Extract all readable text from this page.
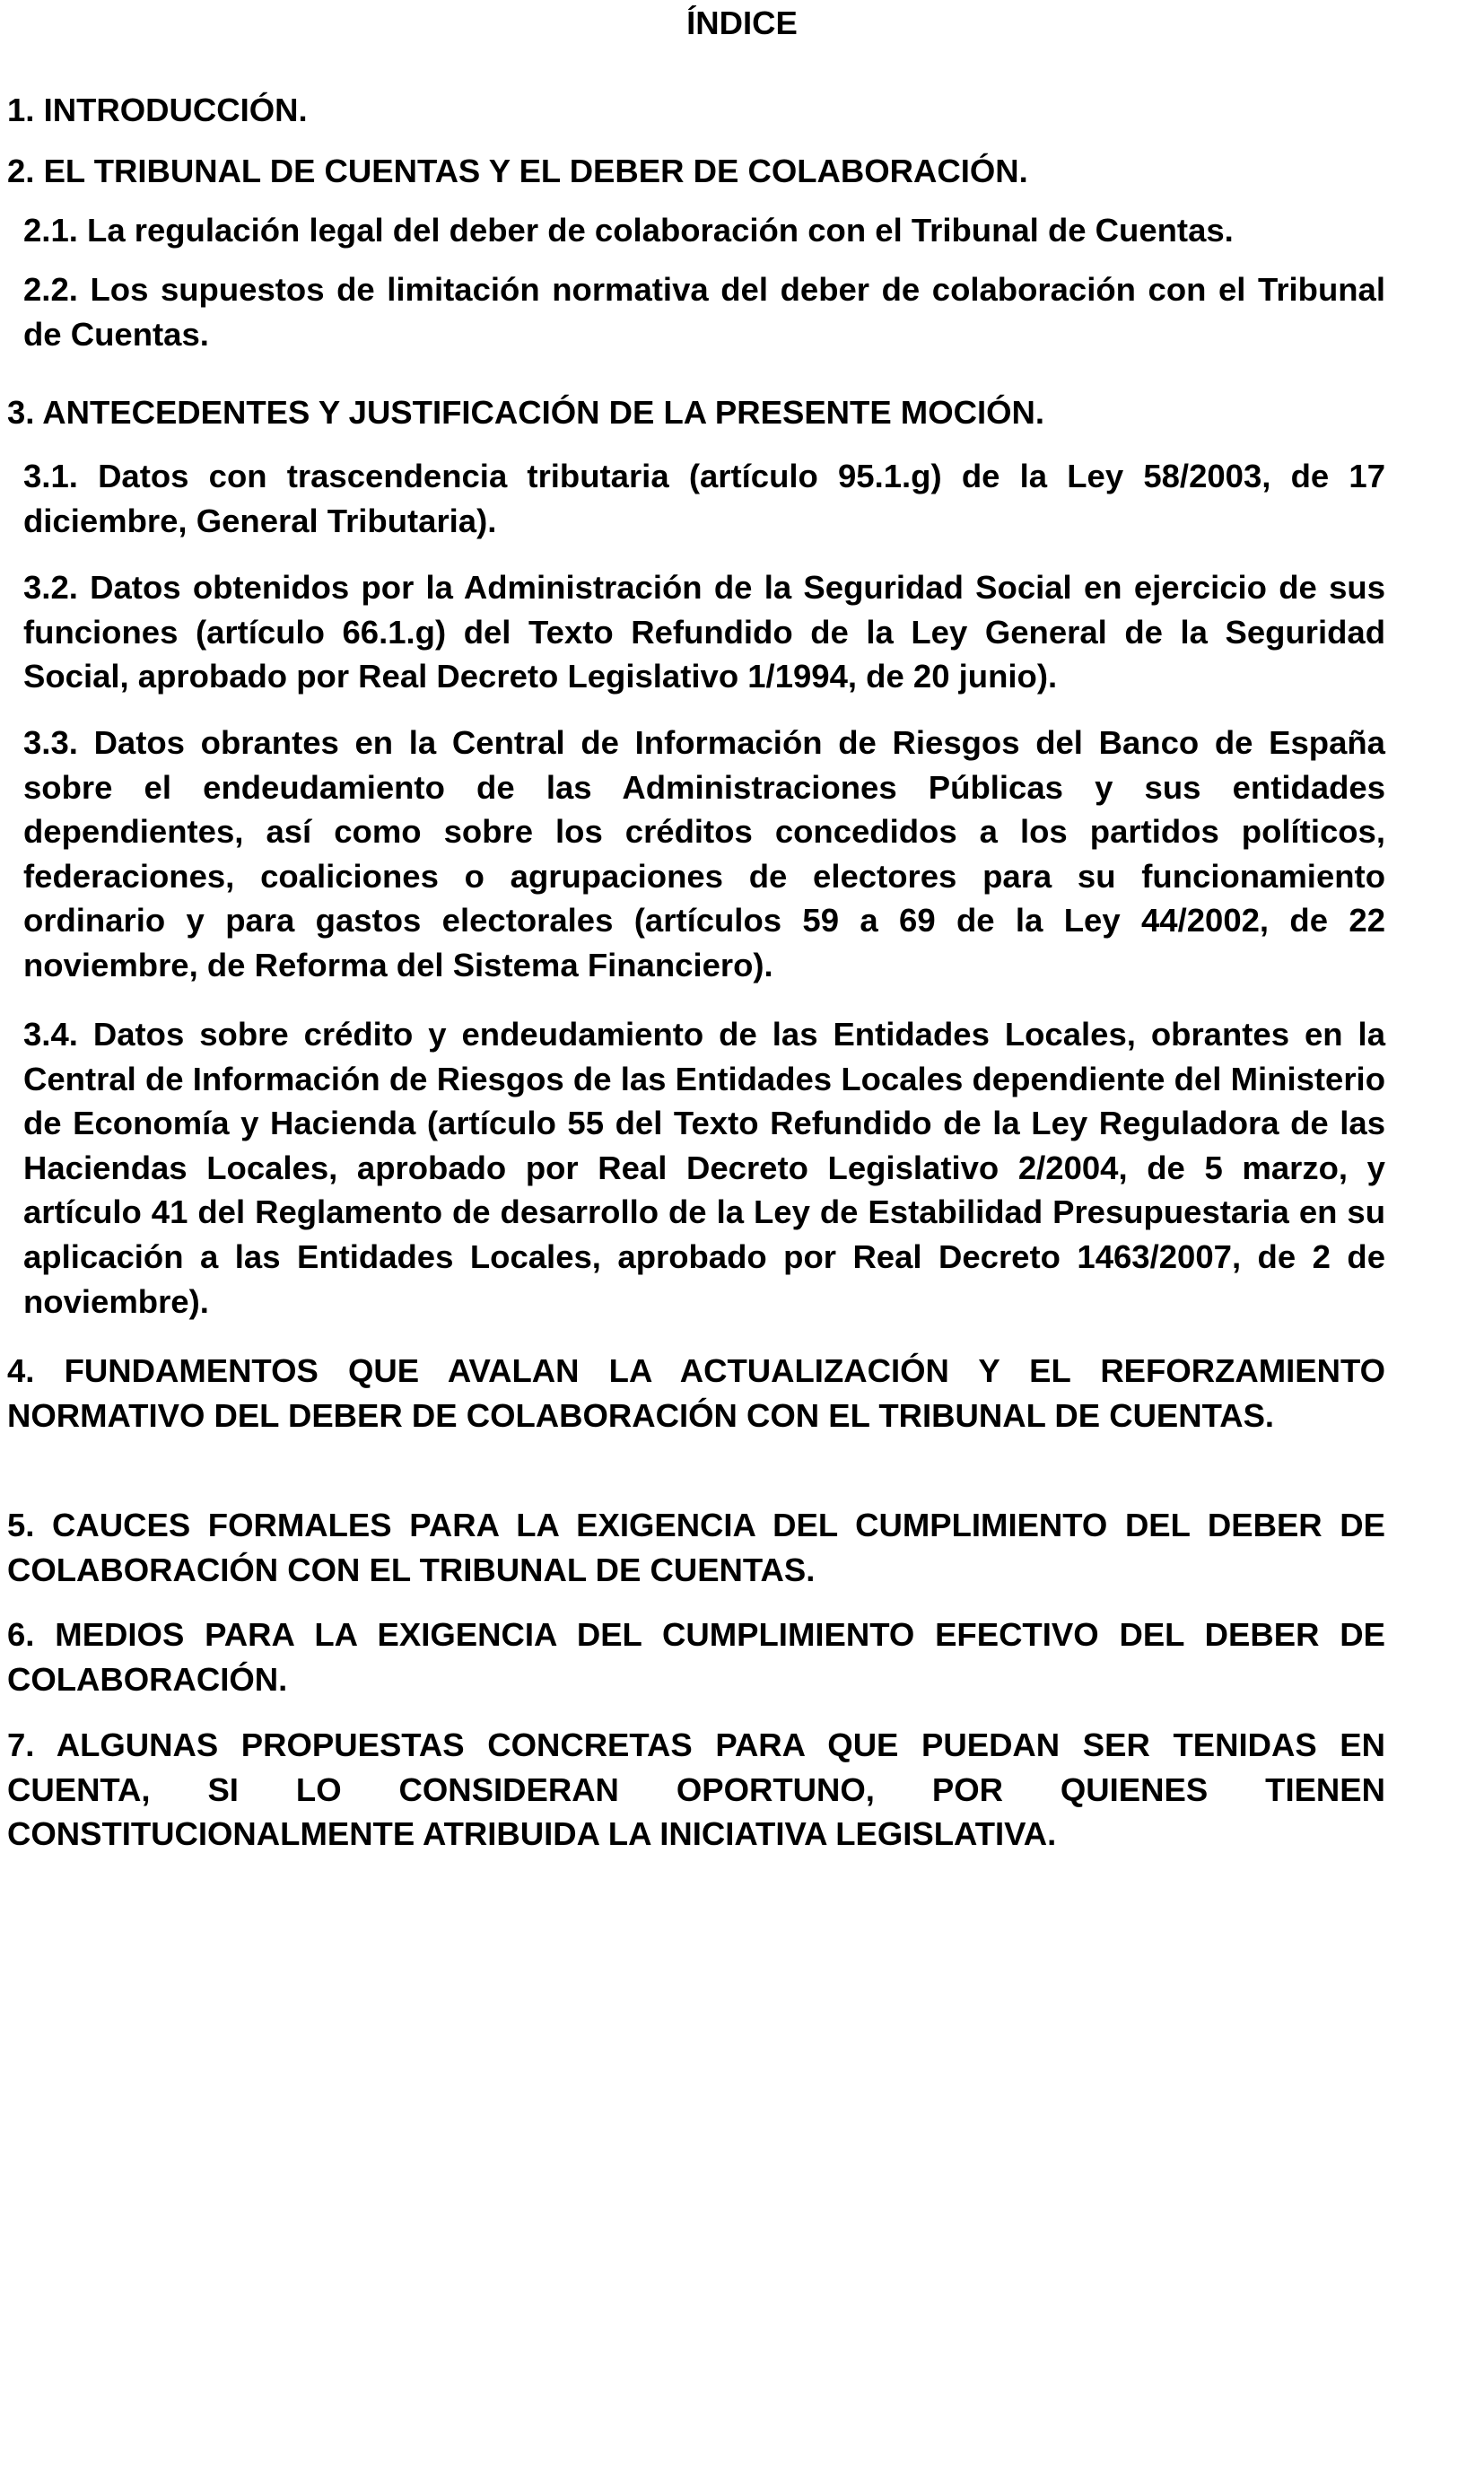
ÍNDICE

1. INTRODUCCIÓN.

2. EL TRIBUNAL DE CUENTAS Y EL DEBER DE COLABORACIÓN.

2.1. La regulación legal del deber de colaboración con el Tribunal de Cuentas.

2.2. Los supuestos de limitación normativa del deber de colaboración con el Tribunal de Cuentas.

3. ANTECEDENTES Y JUSTIFICACIÓN DE LA PRESENTE MOCIÓN.

3.1. Datos con trascendencia tributaria (artículo 95.1.g) de la Ley 58/2003, de 17 diciembre, General Tributaria).

3.2. Datos obtenidos por la Administración de la Seguridad Social en ejercicio de sus funciones (artículo 66.1.g) del Texto Refundido de la Ley General de la Seguridad Social, aprobado por Real Decreto Legislativo 1/1994, de 20 junio).

3.3. Datos obrantes en la Central de Información de Riesgos del Banco de España sobre el endeudamiento de las Administraciones Públicas y sus entidades dependientes, así como sobre los créditos concedidos a los partidos políticos, federaciones, coaliciones o agrupaciones de electores para su funcionamiento ordinario y para gastos electorales (artículos 59 a 69 de la Ley 44/2002, de 22 noviembre, de Reforma del Sistema Financiero).

3.4. Datos sobre crédito y endeudamiento de las Entidades Locales, obrantes en la Central de Información de Riesgos de las Entidades Locales dependiente del Ministerio de Economía y Hacienda (artículo 55 del Texto Refundido de la Ley Reguladora de las Haciendas Locales, aprobado por Real Decreto Legislativo 2/2004, de 5 marzo, y artículo 41 del Reglamento de desarrollo de la Ley de Estabilidad Presupuestaria en su aplicación a las Entidades Locales, aprobado por Real Decreto 1463/2007, de 2 de noviembre).

4. FUNDAMENTOS QUE AVALAN LA ACTUALIZACIÓN Y EL REFORZAMIENTO NORMATIVO DEL DEBER DE COLABORACIÓN CON EL TRIBUNAL DE CUENTAS.

5. CAUCES FORMALES PARA LA EXIGENCIA DEL CUMPLIMIENTO DEL DEBER DE COLABORACIÓN CON EL TRIBUNAL DE CUENTAS.

6. MEDIOS PARA LA EXIGENCIA DEL CUMPLIMIENTO EFECTIVO DEL DEBER DE COLABORACIÓN.

7. ALGUNAS PROPUESTAS CONCRETAS PARA QUE PUEDAN SER TENIDAS EN CUENTA, SI LO CONSIDERAN OPORTUNO, POR QUIENES TIENEN CONSTITUCIONALMENTE ATRIBUIDA LA INICIATIVA LEGISLATIVA.
